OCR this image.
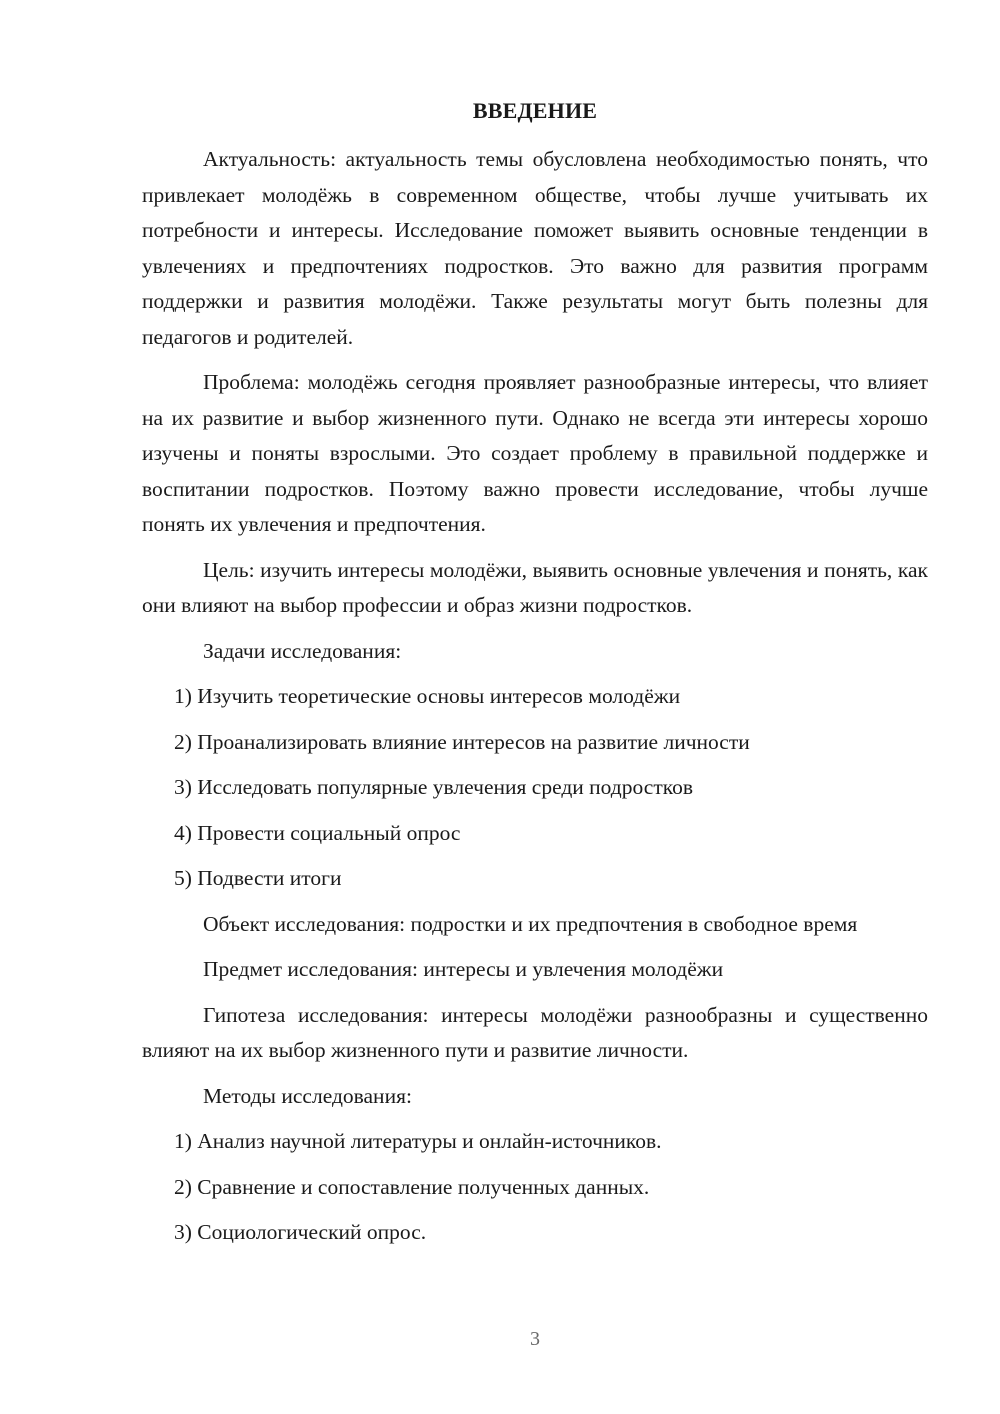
ВВЕДЕНИЕ

Актуальность: актуальность темы обусловлена необходимостью понять, что привлекает молодёжь в современном обществе, чтобы лучше учитывать их потребности и интересы. Исследование поможет выявить основные тенденции в увлечениях и предпочтениях подростков. Это важно для развития программ поддержки и развития молодёжи. Также результаты могут быть полезны для педагогов и родителей.

Проблема: молодёжь сегодня проявляет разнообразные интересы, что влияет на их развитие и выбор жизненного пути. Однако не всегда эти интересы хорошо изучены и поняты взрослыми. Это создает проблему в правильной поддержке и воспитании подростков. Поэтому важно провести исследование, чтобы лучше понять их увлечения и предпочтения.

Цель: изучить интересы молодёжи, выявить основные увлечения и понять, как они влияют на выбор профессии и образ жизни подростков.

Задачи исследования:

1) Изучить теоретические основы интересов молодёжи

2) Проанализировать влияние интересов на развитие личности

3) Исследовать популярные увлечения среди подростков

4) Провести социальный опрос

5) Подвести итоги

Объект исследования: подростки и их предпочтения в свободное время

Предмет исследования: интересы и увлечения молодёжи

Гипотеза исследования: интересы молодёжи разнообразны и существенно влияют на их выбор жизненного пути и развитие личности.

Методы исследования:

1) Анализ научной литературы и онлайн-источников.

2) Сравнение и сопоставление полученных данных.

3) Социологический опрос.

3
